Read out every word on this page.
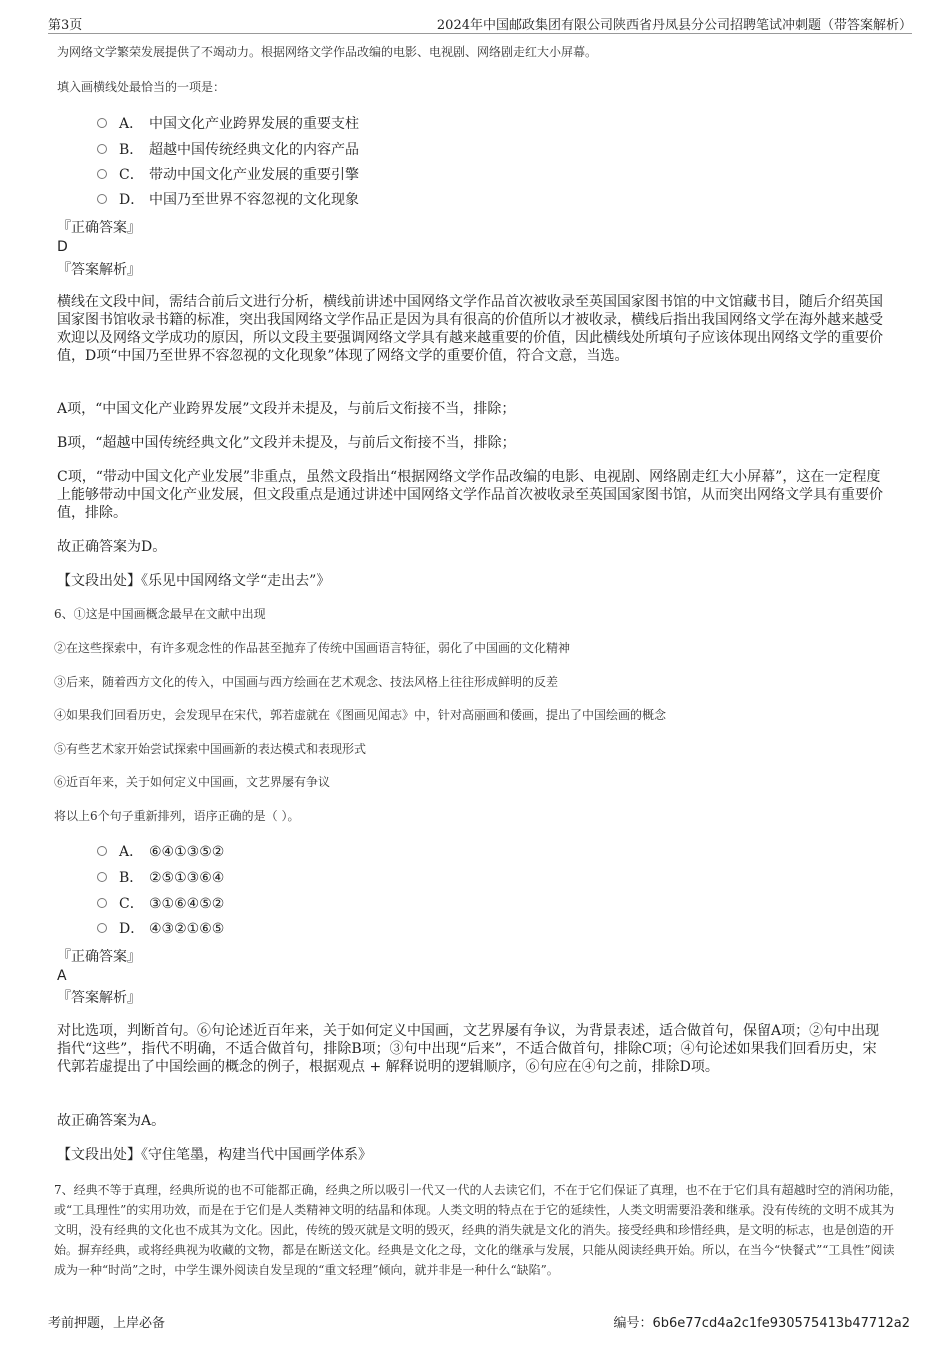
第3页	2024年中国邮政集团有限公司陕西省丹凤县分公司招聘笔试冲刺题（带答案解析）
为网络文学繁荣发展提供了不竭动力。根据网络文学作品改编的电影、电视剧、网络剧走红大小屏幕。
填入画横线处最恰当的一项是：
A． 中国文化产业跨界发展的重要支柱
B． 超越中国传统经典文化的内容产品
C． 带动中国文化产业发展的重要引擎
D． 中国乃至世界不容忽视的文化现象
『正确答案』
D
『答案解析』
横线在文段中间，需结合前后文进行分析，横线前讲述中国网络文学作品首次被收录至英国国家图书馆的中文馆藏书目，随后介绍英国国家图书馆收录书籍的标准，突出我国网络文学作品正是因为具有很高的价值所以才被收录，横线后指出我国网络文学在海外越来越受欢迎以及网络文学成功的原因，所以文段主要强调网络文学具有越来越重要的价值，因此横线处所填句子应该体现出网络文学的重要价值，D项“中国乃至世界不容忽视的文化现象”体现了网络文学的重要价值，符合文意，当选。
A项，“中国文化产业跨界发展”文段并未提及，与前后文衔接不当，排除；
B项，“超越中国传统经典文化”文段并未提及，与前后文衔接不当，排除；
C项，“带动中国文化产业发展”非重点，虽然文段指出“根据网络文学作品改编的电影、电视剧、网络剧走红大小屏幕”，这在一定程度上能够带动中国文化产业发展，但文段重点是通过讲述中国网络文学作品首次被收录至英国国家图书馆，从而突出网络文学具有重要价值，排除。
故正确答案为D。
【文段出处】《乐见中国网络文学“走出去”》
6、①这是中国画概念最早在文献中出现
②在这些探索中，有许多观念性的作品甚至抛弃了传统中国画语言特征，弱化了中国画的文化精神
③后来，随着西方文化的传入，中国画与西方绘画在艺术观念、技法风格上往往形成鲜明的反差
④如果我们回看历史，会发现早在宋代，郭若虚就在《图画见闻志》中，针对高丽画和倭画，提出了中国绘画的概念
⑤有些艺术家开始尝试探索中国画新的表达模式和表现形式
⑥近百年来，关于如何定义中国画，文艺界屡有争议
将以上6个句子重新排列，语序正确的是（ ）。
A． ⑥④①③⑤②
B． ②⑤①③⑥④
C． ③①⑥④⑤②
D． ④③②①⑥⑤
『正确答案』
A
『答案解析』
对比选项，判断首句。⑥句论述近百年来，关于如何定义中国画，文艺界屡有争议，为背景表述，适合做首句，保留A项；②句中出现指代“这些”，指代不明确，不适合做首句，排除B项；③句中出现“后来”，不适合做首句，排除C项；④句论述如果我们回看历史，宋代郭若虚提出了中国绘画的概念的例子，根据观点 + 解释说明的逻辑顺序，⑥句应在④句之前，排除D项。
故正确答案为A。
【文段出处】《守住笔墨，构建当代中国画学体系》
7、经典不等于真理，经典所说的也不可能都正确，经典之所以吸引一代又一代的人去读它们，不在于它们保证了真理，也不在于它们具有超越时空的消闲功能，或“工具理性”的实用功效，而是在于它们是人类精神文明的结晶和体现。人类文明的特点在于它的延续性，人类文明需要沿袭和继承。没有传统的文明不成其为文明，没有经典的文化也不成其为文化。因此，传统的毁灭就是文明的毁灭，经典的消失就是文化的消失。接受经典和珍惜经典，是文明的标志，也是创造的开始。摒弃经典，或将经典视为收藏的文物，都是在断送文化。经典是文化之母，文化的继承与发展，只能从阅读经典开始。所以，在当今“快餐式”“工具性”阅读成为一种“时尚”之时，中学生课外阅读自发呈现的“重文轻理”倾向，就并非是一种什么“缺陷”。
考前押题，上岸必备	编号：6b6e77cd4a2c1fe930575413b47712a2
